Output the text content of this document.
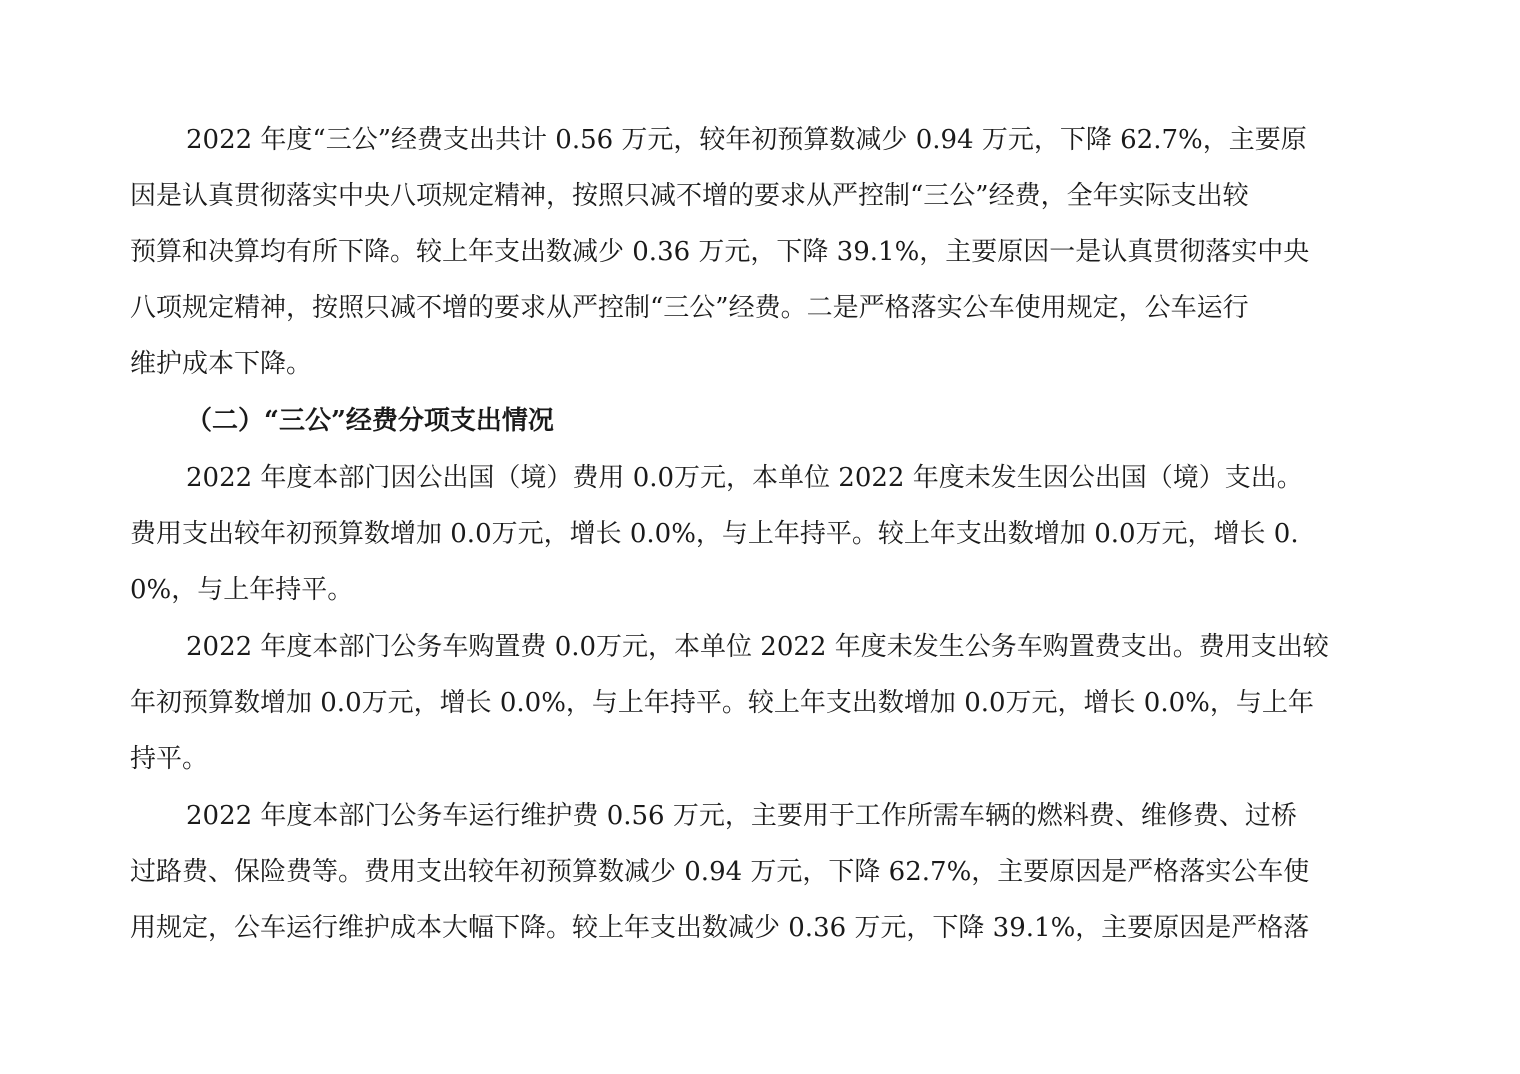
2022 年度“三公”经费支出共计 0.56 万元，较年初预算数减少 0.94 万元，下降 62.7%，主要原
因是认真贯彻落实中央八项规定精神，按照只减不增的要求从严控制“三公”经费，全年实际支出较
预算和决算均有所下降。较上年支出数减少 0.36 万元，下降 39.1%，主要原因一是认真贯彻落实中央
八项规定精神，按照只减不增的要求从严控制“三公”经费。二是严格落实公车使用规定，公车运行
维护成本下降。
（二）“三公”经费分项支出情况
2022 年度本部门因公出国（境）费用 0.0万元，本单位 2022 年度未发生因公出国（境）支出。
费用支出较年初预算数增加 0.0万元，增长 0.0%，与上年持平。较上年支出数增加 0.0万元，增长 0.
0%，与上年持平。
2022 年度本部门公务车购置费 0.0万元，本单位 2022 年度未发生公务车购置费支出。费用支出较
年初预算数增加 0.0万元，增长 0.0%，与上年持平。较上年支出数增加 0.0万元，增长 0.0%，与上年
持平。
2022 年度本部门公务车运行维护费 0.56 万元，主要用于工作所需车辆的燃料费、维修费、过桥
过路费、保险费等。费用支出较年初预算数减少 0.94 万元，下降 62.7%，主要原因是严格落实公车使
用规定，公车运行维护成本大幅下降。较上年支出数减少 0.36 万元，下降 39.1%，主要原因是严格落
